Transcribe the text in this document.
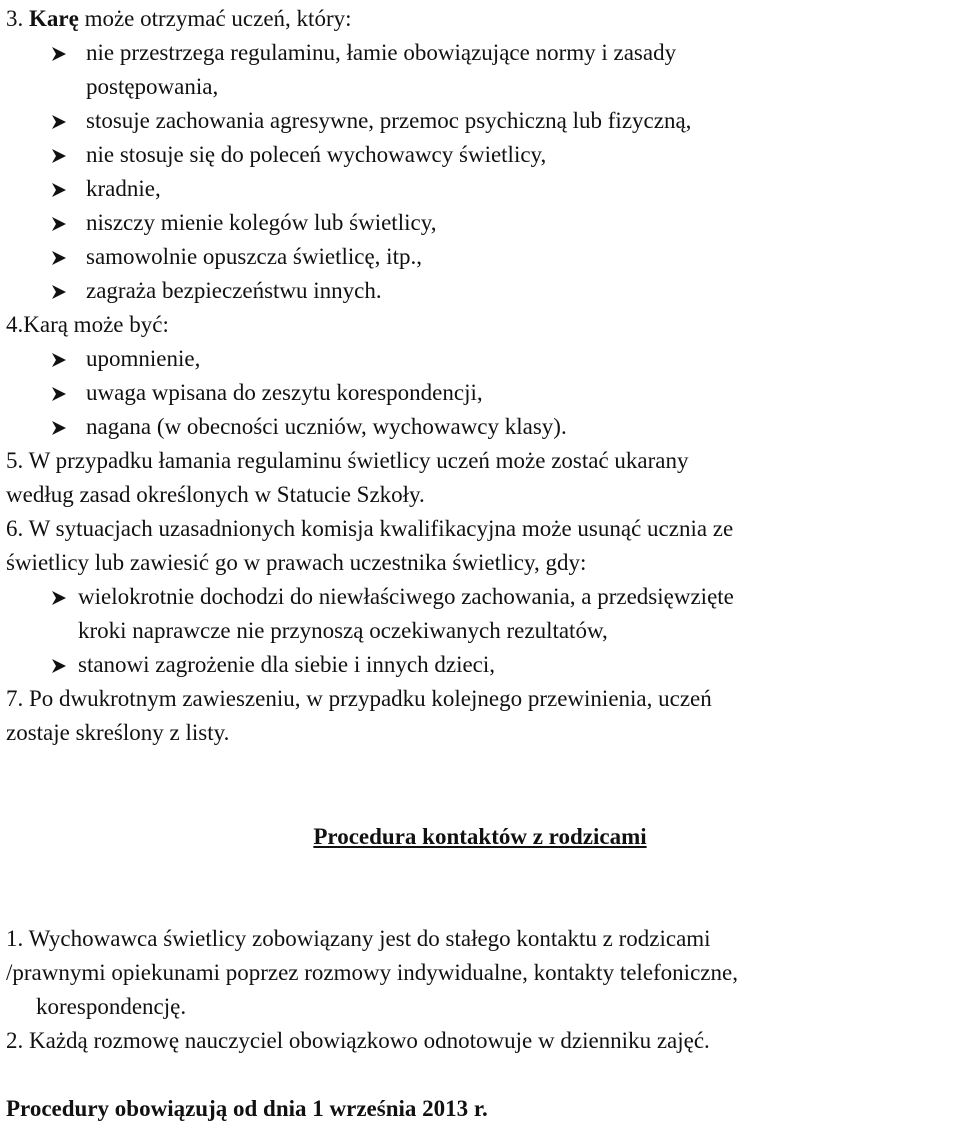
3. Karę może otrzymać uczeń, który:
nie przestrzega regulaminu, łamie obowiązujące normy i zasady
postępowania,
stosuje zachowania agresywne, przemoc psychiczną lub fizyczną,
nie stosuje się do poleceń wychowawcy świetlicy,
kradnie,
niszczy mienie kolegów lub świetlicy,
samowolnie opuszcza świetlicę, itp.,
zagraża bezpieczeństwu innych.
4.Karą może być:
upomnienie,
uwaga wpisana do zeszytu korespondencji,
nagana (w obecności uczniów, wychowawcy klasy).
5. W przypadku łamania regulaminu świetlicy uczeń może zostać ukarany
według zasad określonych w Statucie Szkoły.
6. W sytuacjach uzasadnionych komisja kwalifikacyjna może usunąć ucznia ze
świetlicy lub zawiesić go w prawach uczestnika świetlicy, gdy:
wielokrotnie dochodzi do niewłaściwego zachowania, a przedsięwzięte
kroki naprawcze nie przynoszą oczekiwanych rezultatów,
stanowi zagrożenie dla siebie i innych dzieci,
7. Po dwukrotnym zawieszeniu, w przypadku kolejnego przewinienia, uczeń
zostaje skreślony z listy.
Procedura kontaktów z rodzicami
1. Wychowawca świetlicy zobowiązany jest do stałego kontaktu z rodzicami
/prawnymi opiekunami poprzez rozmowy indywidualne, kontakty telefoniczne,
korespondencję.
2. Każdą rozmowę nauczyciel obowiązkowo odnotowuje w dzienniku zajęć.
Procedury obowiązują od dnia 1 września 2013 r.
